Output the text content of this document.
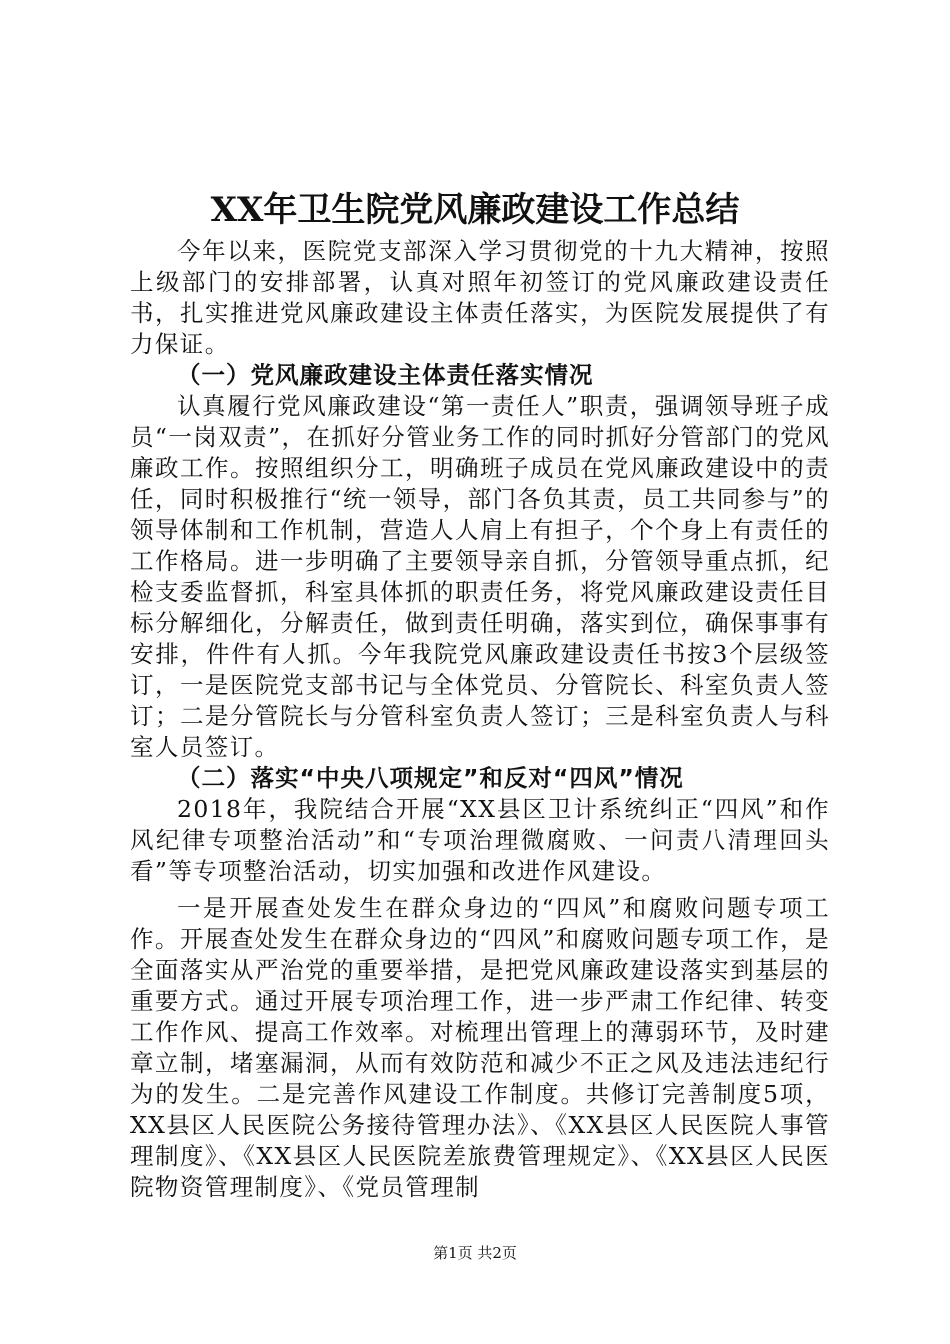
XX年卫生院党风廉政建设工作总结

今年以来，医院党支部深入学习贯彻党的十九大精神，按照上级部门的安排部署，认真对照年初签订的党风廉政建设责任书，扎实推进党风廉政建设主体责任落实，为医院发展提供了有力保证。

（一）党风廉政建设主体责任落实情况

认真履行党风廉政建设“第一责任人”职责，强调领导班子成员“一岗双责”，在抓好分管业务工作的同时抓好分管部门的党风廉政工作。按照组织分工，明确班子成员在党风廉政建设中的责任，同时积极推行“统一领导，部门各负其责，员工共同参与”的领导体制和工作机制，营造人人肩上有担子，个个身上有责任的工作格局。进一步明确了主要领导亲自抓，分管领导重点抓，纪检支委监督抓，科室具体抓的职责任务，将党风廉政建设责任目标分解细化，分解责任，做到责任明确，落实到位，确保事事有安排，件件有人抓。今年我院党风廉政建设责任书按3个层级签订，一是医院党支部书记与全体党员、分管院长、科室负责人签订；二是分管院长与分管科室负责人签订；三是科室负责人与科室人员签订。

（二）落实“中央八项规定”和反对“四风”情况

2018年，我院结合开展“XX县区卫计系统纠正“四风”和作风纪律专项整治活动”和“专项治理微腐败、一问责八清理回头看”等专项整治活动，切实加强和改进作风建设。

一是开展查处发生在群众身边的“四风”和腐败问题专项工作。开展查处发生在群众身边的“四风”和腐败问题专项工作，是全面落实从严治党的重要举措，是把党风廉政建设落实到基层的重要方式。通过开展专项治理工作，进一步严肃工作纪律、转变工作作风、提高工作效率。对梳理出管理上的薄弱环节，及时建章立制，堵塞漏洞，从而有效防范和减少不正之风及违法违纪行为的发生。二是完善作风建设工作制度。共修订完善制度5项，XX县区人民医院公务接待管理办法》、《XX县区人民医院人事管理制度》、《XX县区人民医院差旅费管理规定》、《XX县区人民医院物资管理制度》、《党员管理制

第1页 共2页
